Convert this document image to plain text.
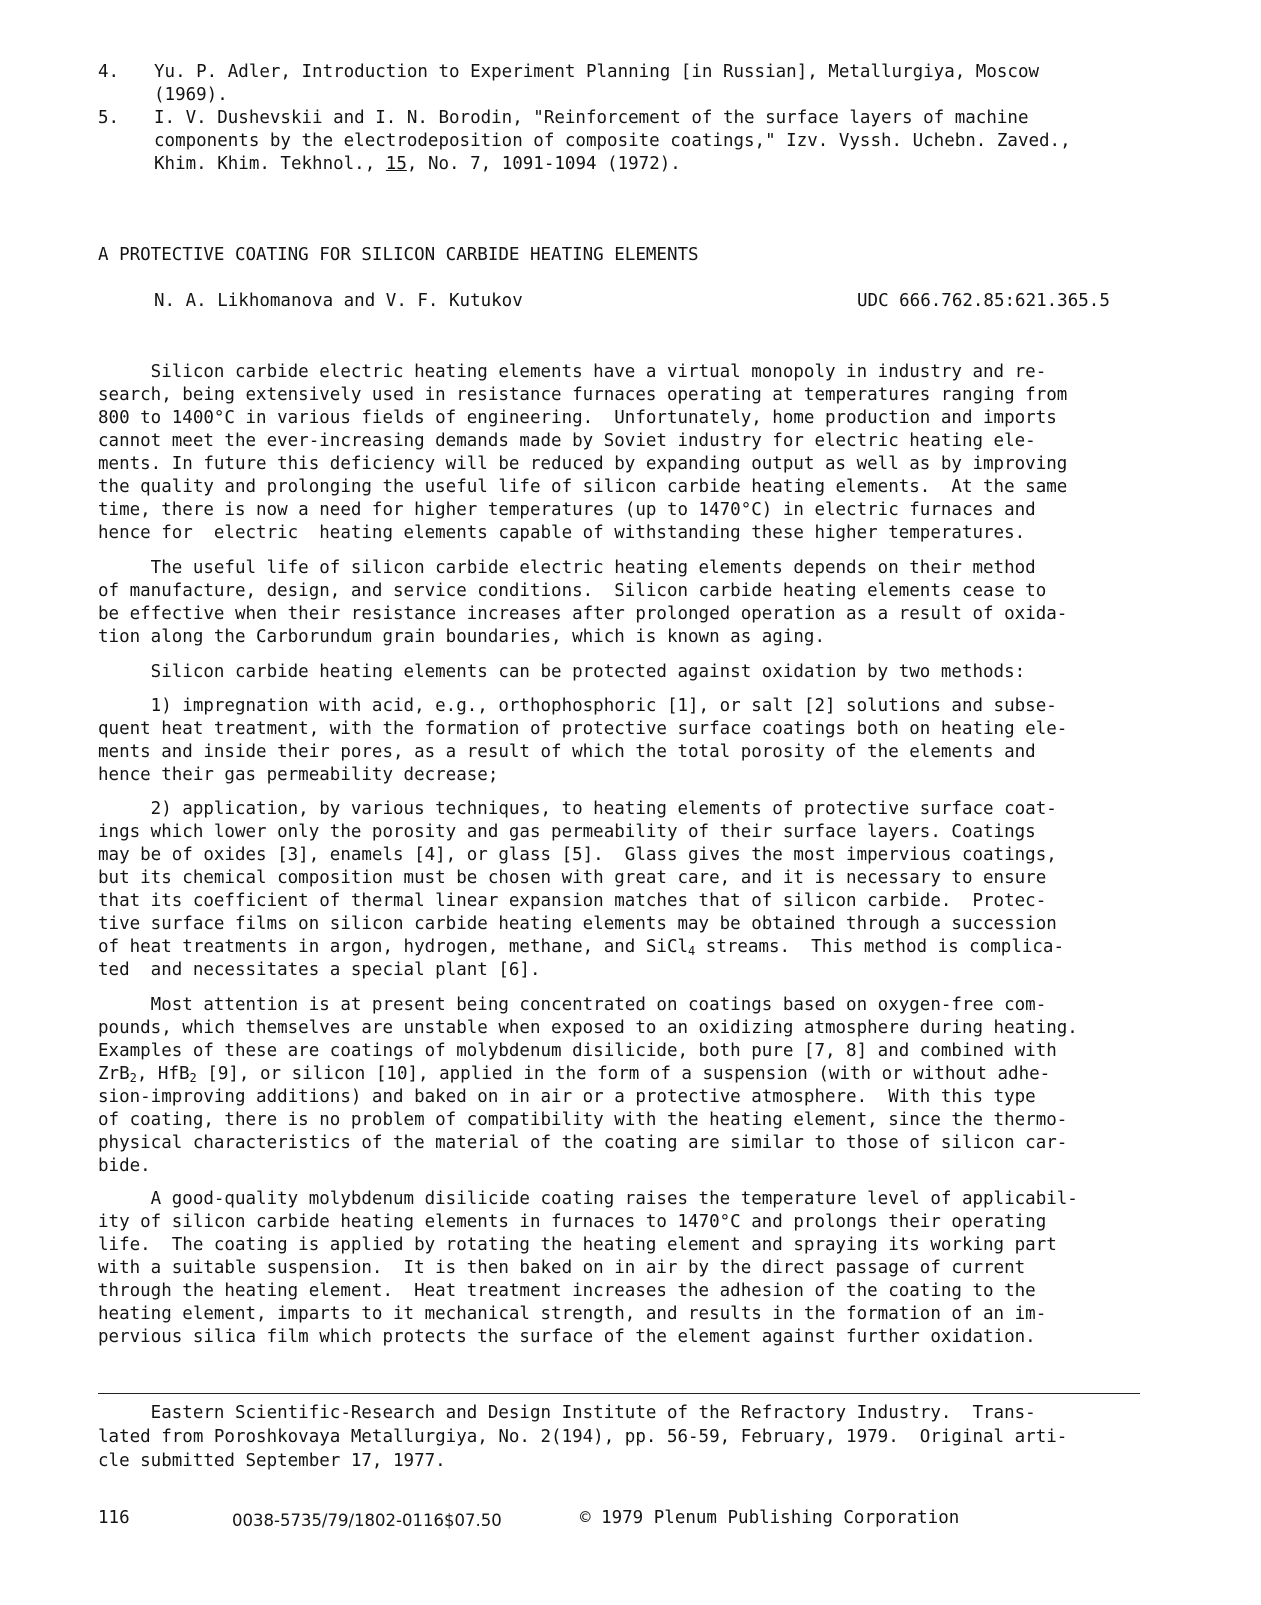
4. Yu. P. Adler, Introduction to Experiment Planning [in Russian], Metallurgiya, Moscow
(1969).
5. I. V. Dushevskii and I. N. Borodin, "Reinforcement of the surface layers of machine
components by the electrodeposition of composite coatings," Izv. Vyssh. Uchebn. Zaved.,
Khim. Khim. Tekhnol., 15, No. 7, 1091-1094 (1972).
A PROTECTIVE COATING FOR SILICON CARBIDE HEATING ELEMENTS
N. A. Likhomanova and V. F. Kutukov	UDC 666.762.85:621.365.5
Silicon carbide electric heating elements have a virtual monopoly in industry and re-
search, being extensively used in resistance furnaces operating at temperatures ranging from
800 to 1400°C in various fields of engineering.  Unfortunately, home production and imports
cannot meet the ever-increasing demands made by Soviet industry for electric heating ele-
ments. In future this deficiency will be reduced by expanding output as well as by improving
the quality and prolonging the useful life of silicon carbide heating elements.  At the same
time, there is now a need for higher temperatures (up to 1470°C) in electric furnaces and
hence for  electric  heating elements capable of withstanding these higher temperatures.
The useful life of silicon carbide electric heating elements depends on their method
of manufacture, design, and service conditions.  Silicon carbide heating elements cease to
be effective when their resistance increases after prolonged operation as a result of oxida-
tion along the Carborundum grain boundaries, which is known as aging.
Silicon carbide heating elements can be protected against oxidation by two methods:
1) impregnation with acid, e.g., orthophosphoric [1], or salt [2] solutions and subse-
quent heat treatment, with the formation of protective surface coatings both on heating ele-
ments and inside their pores, as a result of which the total porosity of the elements and
hence their gas permeability decrease;
2) application, by various techniques, to heating elements of protective surface coat-
ings which lower only the porosity and gas permeability of their surface layers. Coatings
may be of oxides [3], enamels [4], or glass [5].  Glass gives the most impervious coatings,
but its chemical composition must be chosen with great care, and it is necessary to ensure
that its coefficient of thermal linear expansion matches that of silicon carbide.  Protec-
tive surface films on silicon carbide heating elements may be obtained through a succession
of heat treatments in argon, hydrogen, methane, and SiCl$_4$ streams.  This method is complica-
ted  and necessitates a special plant [6].
Most attention is at present being concentrated on coatings based on oxygen-free com-
pounds, which themselves are unstable when exposed to an oxidizing atmosphere during heating.
Examples of these are coatings of molybdenum disilicide, both pure [7, 8] and combined with
ZrB$_2$, HfB$_2$ [9], or silicon [10], applied in the form of a suspension (with or without adhe-
sion-improving additions) and baked on in air or a protective atmosphere.  With this type
of coating, there is no problem of compatibility with the heating element, since the thermo-
physical characteristics of the material of the coating are similar to those of silicon car-
bide.
A good-quality molybdenum disilicide coating raises the temperature level of applicabil-
ity of silicon carbide heating elements in furnaces to 1470°C and prolongs their operating
life.  The coating is applied by rotating the heating element and spraying its working part
with a suitable suspension.  It is then baked on in air by the direct passage of current
through the heating element.  Heat treatment increases the adhesion of the coating to the
heating element, imparts to it mechanical strength, and results in the formation of an im-
pervious silica film which protects the surface of the element against further oxidation.
Eastern Scientific-Research and Design Institute of the Refractory Industry.  Trans-
lated from Poroshkovaya Metallurgiya, No. 2(194), pp. 56-59, February, 1979.  Original arti-
cle submitted September 17, 1977.
116	0038-5735/79/1802-0116$07.50	© 1979 Plenum Publishing Corporation
